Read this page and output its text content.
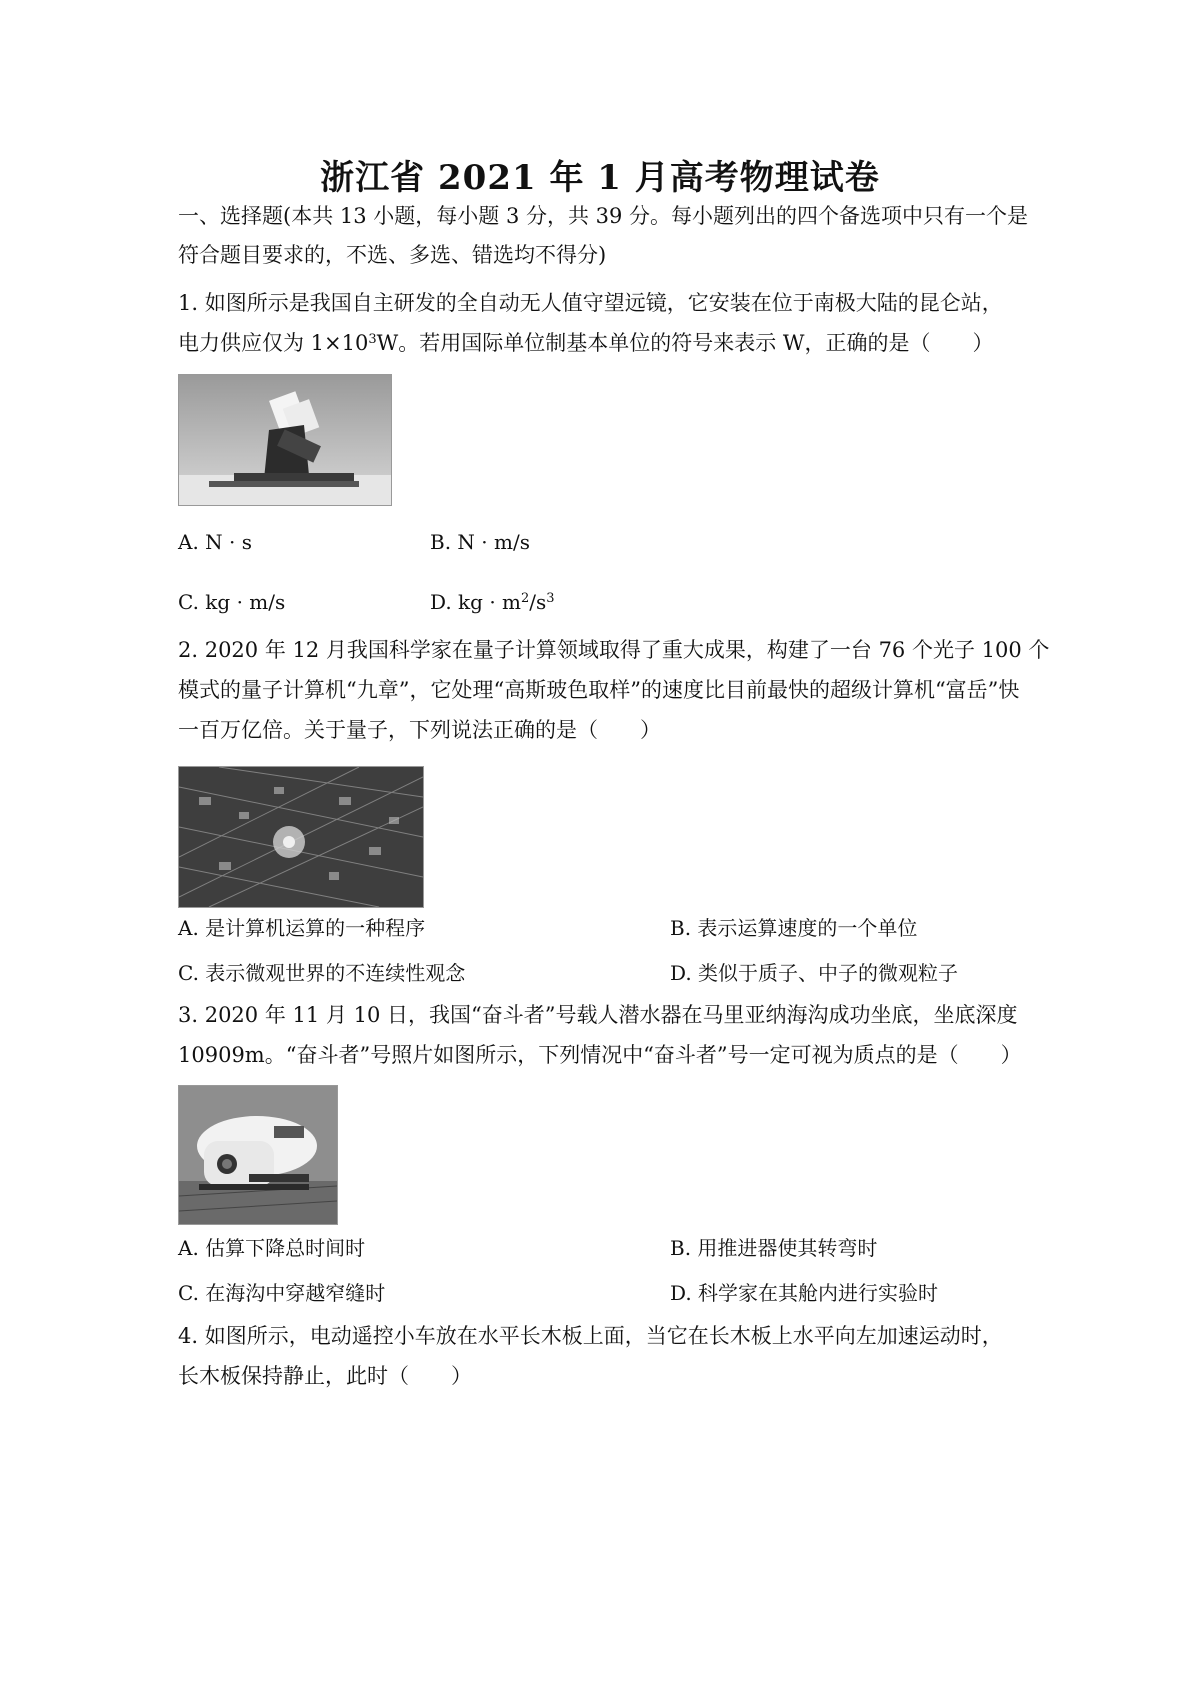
浙江省 2021 年 1 月高考物理试卷
一、选择题(本共 13 小题，每小题 3 分，共 39 分。每小题列出的四个备选项中只有一个是
符合题目要求的，不选、多选、错选均不得分)
1. 如图所示是我国自主研发的全自动无人值守望远镜，它安装在位于南极大陆的昆仑站，
电力供应仅为 $1\times 10^3W$。若用国际单位制基本单位的符号来表示 W，正确的是（　　）
A. N · s	B. N · m/s
C. kg · m/s	D. kg · $m^2/s^3$
2. 2020 年 12 月我国科学家在量子计算领域取得了重大成果，构建了一台 76 个光子 100 个
模式的量子计算机“九章”，它处理“高斯玻色取样”的速度比目前最快的超级计算机“富岳”快
一百万亿倍。关于量子，下列说法正确的是（　　）
A. 是计算机运算的一种程序	B. 表示运算速度的一个单位
C. 表示微观世界的不连续性观念	D. 类似于质子、中子的微观粒子
3. 2020 年 11 月 10 日，我国“奋斗者”号载人潜水器在马里亚纳海沟成功坐底，坐底深度
10909m。“奋斗者”号照片如图所示，下列情况中“奋斗者”号一定可视为质点的是（　　）
A. 估算下降总时间时	B. 用推进器使其转弯时
C. 在海沟中穿越窄缝时	D. 科学家在其舱内进行实验时
4. 如图所示，电动遥控小车放在水平长木板上面，当它在长木板上水平向左加速运动时，
长木板保持静止，此时（　　）
